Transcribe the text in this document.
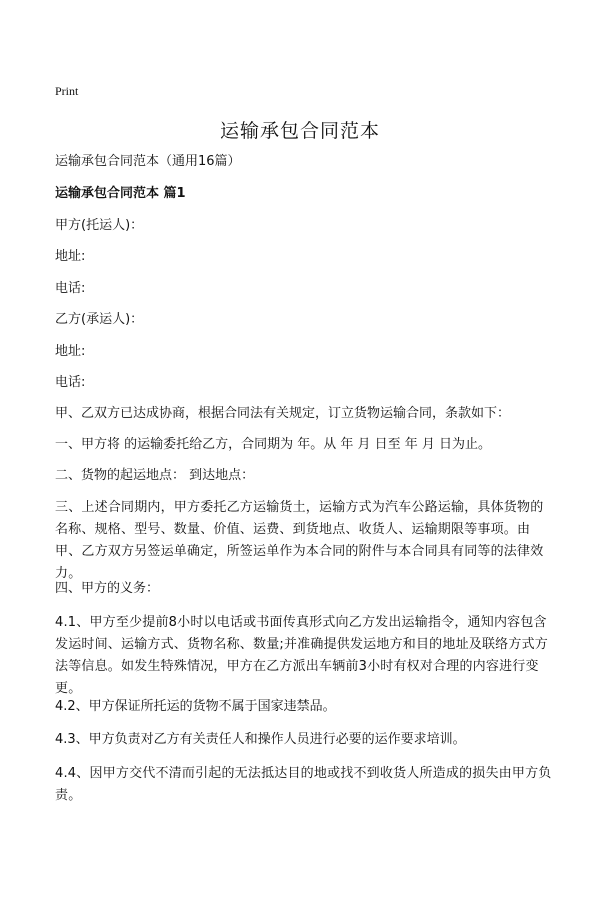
Print
运输承包合同范本
运输承包合同范本（通用16篇）
运输承包合同范本 篇1
甲方(托运人)：
地址:
电话:
乙方(承运人)：
地址:
电话:
甲、乙双方已达成协商，根据合同法有关规定，订立货物运输合同，条款如下：
一、甲方将 的运输委托给乙方，合同期为 年。从 年 月 日至 年 月 日为止。
二、货物的起运地点： 到达地点：
三、上述合同期内，甲方委托乙方运输货土，运输方式为汽车公路运输，具体货物的名称、规格、型号、数量、价值、运费、到货地点、收货人、运输期限等事项。由甲、乙方双方另签运单确定，所签运单作为本合同的附件与本合同具有同等的法律效力。
四、甲方的义务：
4.1、甲方至少提前8小时以电话或书面传真形式向乙方发出运输指令，通知内容包含发运时间、运输方式、货物名称、数量;并准确提供发运地方和目的地址及联络方式方法等信息。如发生特殊情况，甲方在乙方派出车辆前3小时有权对合理的内容进行变更。
4.2、甲方保证所托运的货物不属于国家违禁品。
4.3、甲方负责对乙方有关责任人和操作人员进行必要的运作要求培训。
4.4、因甲方交代不清而引起的无法抵达目的地或找不到收货人所造成的损失由甲方负责。
